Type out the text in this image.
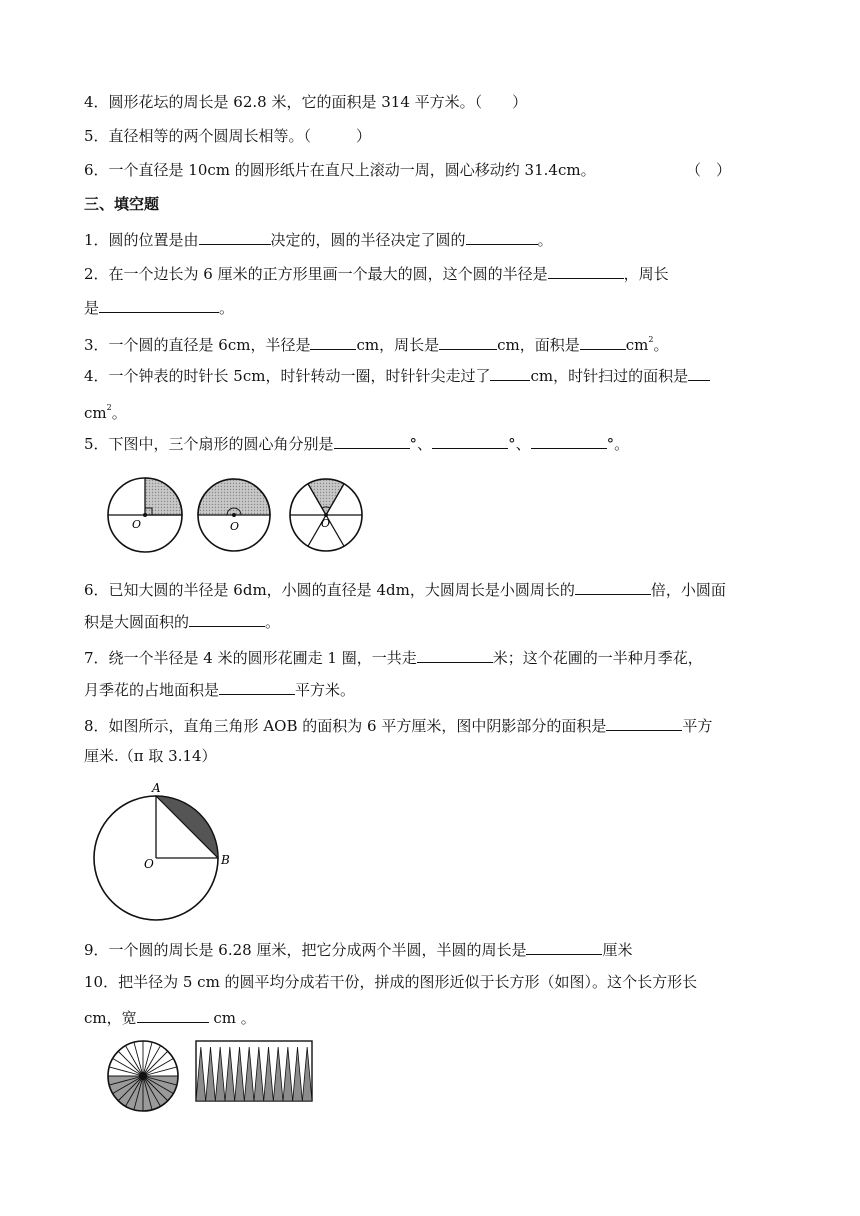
4．圆形花坛的周长是 62.8 米，它的面积是 314 平方米。（　　）
5．直径相等的两个圆周长相等。（　　　）
6．一个直径是 10cm 的圆形纸片在直尺上滚动一周，圆心移动约 31.4cm。	（　）
三、填空题
1．圆的位置是由	决定的，圆的半径决定了圆的	。
2．在一个边长为 6 厘米的正方形里画一个最大的圆，这个圆的半径是	，周长
是	。
3．一个圆的直径是 6cm，半径是	cm，周长是	cm，面积是	$cm^2$。
4．一个钟表的时针长 5cm，时针转动一圈，时针针尖走过了	cm，时针扫过的面积是
$cm^2$。
5．下图中，三个扇形的圆心角分别是	°、	°、	°。
O	O	O
6．已知大圆的半径是 6dm，小圆的直径是 4dm，大圆周长是小圆周长的	倍，小圆面
积是大圆面积的	。
7．绕一个半径是 4 米的圆形花圃走 1 圈，一共走	米；这个花圃的一半种月季花，
月季花的占地面积是	平方米。
8．如图所示，直角三角形 AOB 的面积为 6 平方厘米，图中阴影部分的面积是	平方
厘米.（π 取 3.14）
A
O	B
9．一个圆的周长是 6.28 厘米，把它分成两个半圆，半圆的周长是	厘米
10．把半径为 5 cm 的圆平均分成若干份，拼成的图形近似于长方形（如图）。这个长方形长
cm，宽	cm 。
